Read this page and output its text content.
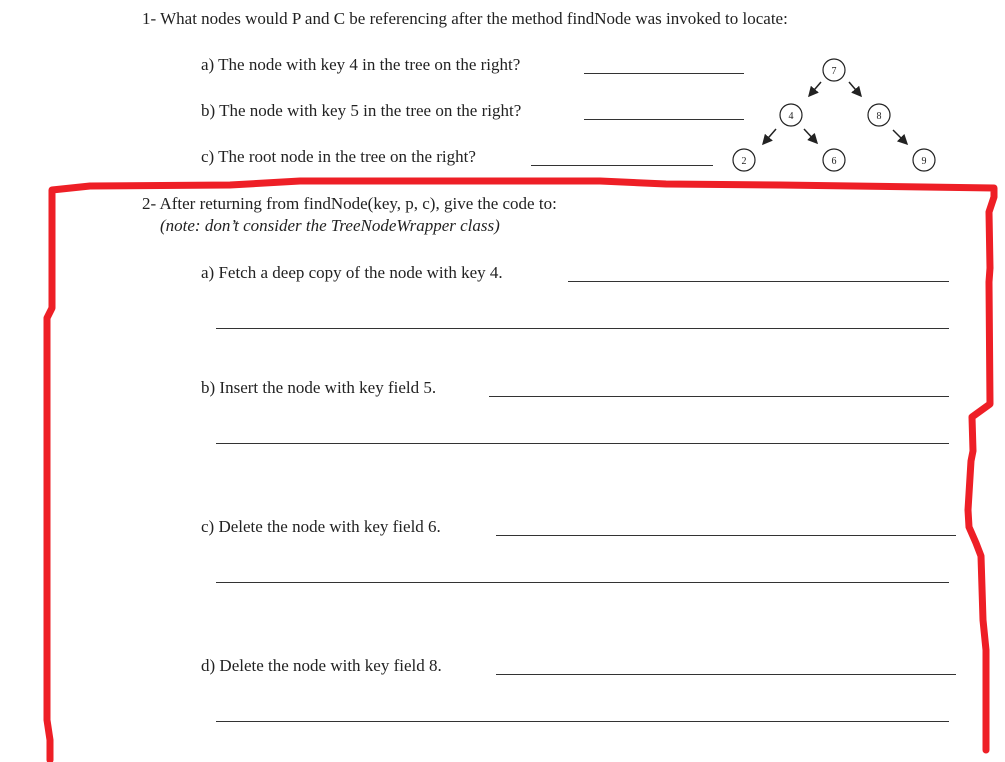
1- What nodes would P and C be referencing after the method findNode was invoked to locate:
a) The node with key 4 in the tree on the right?
b) The node with key 5 in the tree on the right?
c) The root node in the tree on the right?
7
4	8
2	6	9
2- After returning from findNode(key, p, c), give the code to:
(note: don’t consider the TreeNodeWrapper class)
a) Fetch a deep copy of the node with key 4.
b) Insert the node with key field 5.
c) Delete the node with key field 6.
d) Delete the node with key field 8.
